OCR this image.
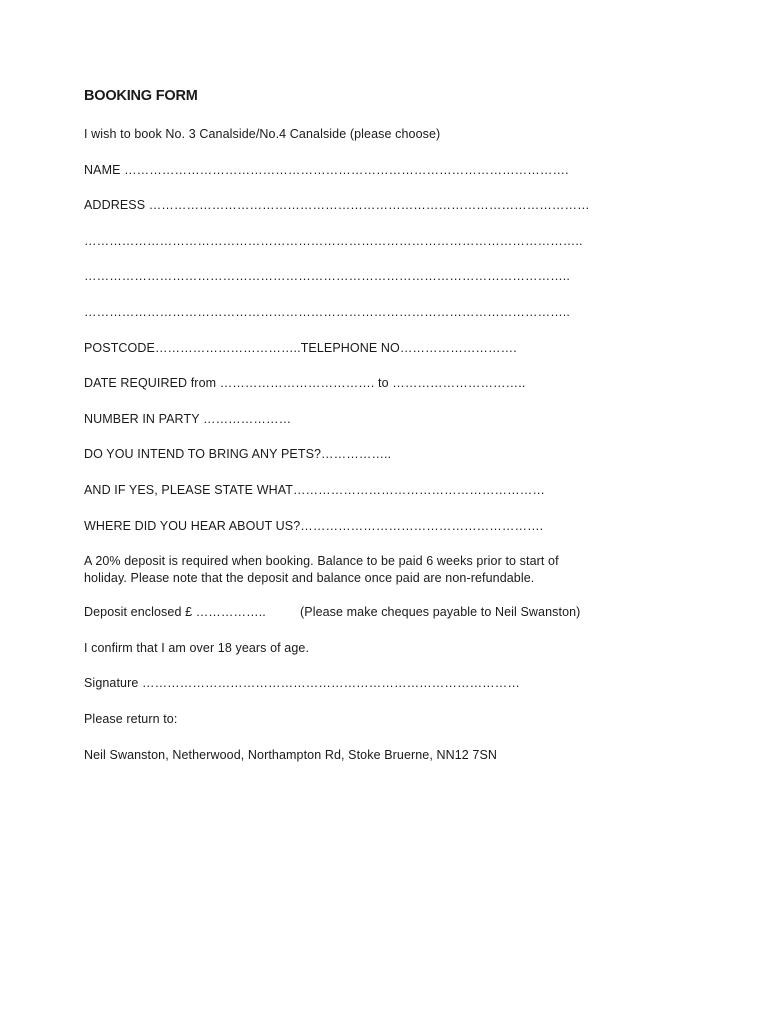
BOOKING FORM
I wish to book No. 3 Canalside/No.4 Canalside (please choose)
NAME …………………………………………………………………………………………….
ADDRESS ……………………………………………………………………………………………
………………………………………………………………………………………………………..
……………………………………………………………………………………………………..
……………………………………………………………………………………………………..
POSTCODE……………………………..TELEPHONE NO……………………….
DATE REQUIRED from ………………………………. to …………………………..
NUMBER IN PARTY …………………
DO YOU INTEND TO BRING ANY PETS?……………..
AND IF YES, PLEASE STATE WHAT……………………………………………………
WHERE DID YOU HEAR ABOUT US?………………………………………………….
A 20% deposit is required when booking. Balance to be paid 6 weeks prior to start of
holiday. Please note that the deposit and balance once paid are non-refundable.
Deposit enclosed £ ……………..	(Please make cheques payable to Neil Swanston)
I confirm that I am over 18 years of age.
Signature ………………………………………………………………………………
Please return to:
Neil Swanston, Netherwood, Northampton Rd, Stoke Bruerne, NN12 7SN
